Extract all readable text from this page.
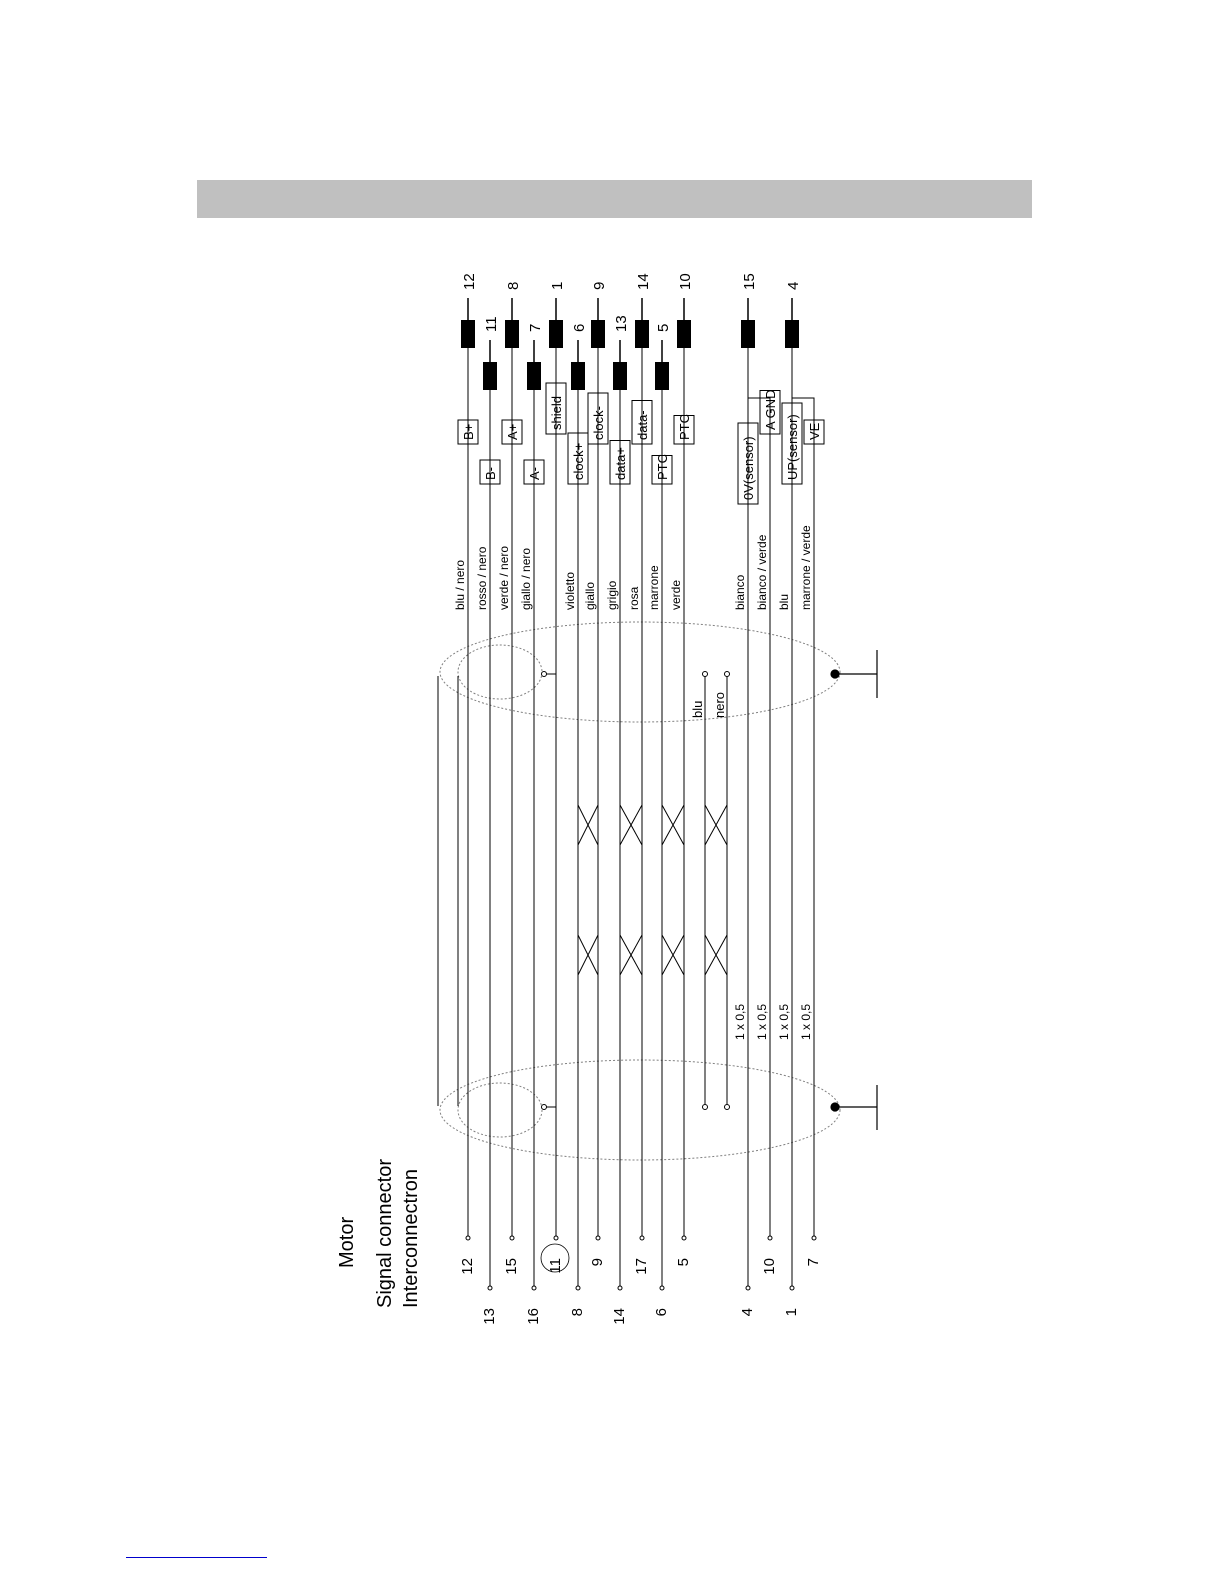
Motor Signal connector Interconnectron
blu nero
12
blu / nero
B+
12
13
rosso / nero
B-
11
15
verde / nero
A+
8
16
giallo / nero
A-
7
11
shield
1
8
violetto
clock+
6
9
giallo
clock-
9
14
grigio
data+
13
17
rosa
data-
14
6
marrone
PTC
5
5
verde
PTC
10
4
bianco
0V(sensor)
15
1 x 0,5
10
bianco / verde
A GND
1 x 0,5
1
blu
UP(sensor)
4
1 x 0,5
7
marrone / verde
VE
1 x 0,5
